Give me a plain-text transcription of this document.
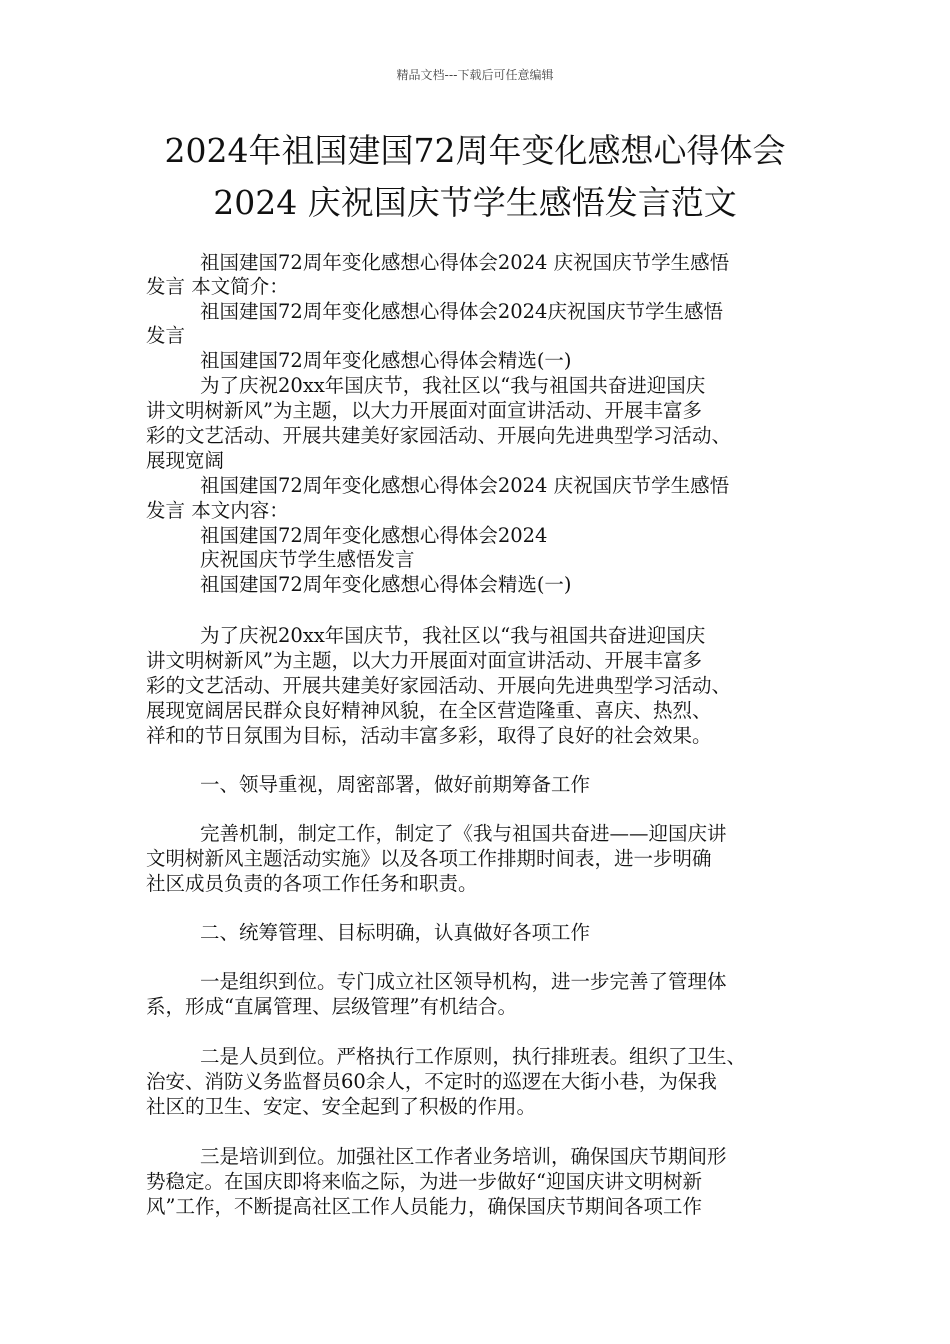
精品文档---下载后可任意编辑
2024年祖国建国72周年变化感想心得体会
2024 庆祝国庆节学生感悟发言范文
祖国建国72周年变化感想心得体会2024 庆祝国庆节学生感悟
发言 本文简介：
祖国建国72周年变化感想心得体会2024庆祝国庆节学生感悟
发言
祖国建国72周年变化感想心得体会精选(一)
为了庆祝20xx年国庆节，我社区以“我与祖国共奋进迎国庆
讲文明树新风”为主题，以大力开展面对面宣讲活动、开展丰富多
彩的文艺活动、开展共建美好家园活动、开展向先进典型学习活动、
展现宽阔
祖国建国72周年变化感想心得体会2024 庆祝国庆节学生感悟
发言 本文内容：
祖国建国72周年变化感想心得体会2024
庆祝国庆节学生感悟发言
祖国建国72周年变化感想心得体会精选(一)
为了庆祝20xx年国庆节，我社区以“我与祖国共奋进迎国庆
讲文明树新风”为主题，以大力开展面对面宣讲活动、开展丰富多
彩的文艺活动、开展共建美好家园活动、开展向先进典型学习活动、
展现宽阔居民群众良好精神风貌，在全区营造隆重、喜庆、热烈、
祥和的节日氛围为目标，活动丰富多彩，取得了良好的社会效果。
一、领导重视，周密部署，做好前期筹备工作
完善机制，制定工作，制定了《我与祖国共奋进——迎国庆讲
文明树新风主题活动实施》以及各项工作排期时间表，进一步明确
社区成员负责的各项工作任务和职责。
二、统筹管理、目标明确，认真做好各项工作
一是组织到位。专门成立社区领导机构，进一步完善了管理体
系，形成“直属管理、层级管理”有机结合。
二是人员到位。严格执行工作原则，执行排班表。组织了卫生、
治安、消防义务监督员60余人，不定时的巡逻在大街小巷，为保我
社区的卫生、安定、安全起到了积极的作用。
三是培训到位。加强社区工作者业务培训，确保国庆节期间形
势稳定。在国庆即将来临之际，为进一步做好“迎国庆讲文明树新
风”工作，不断提高社区工作人员能力，确保国庆节期间各项工作
